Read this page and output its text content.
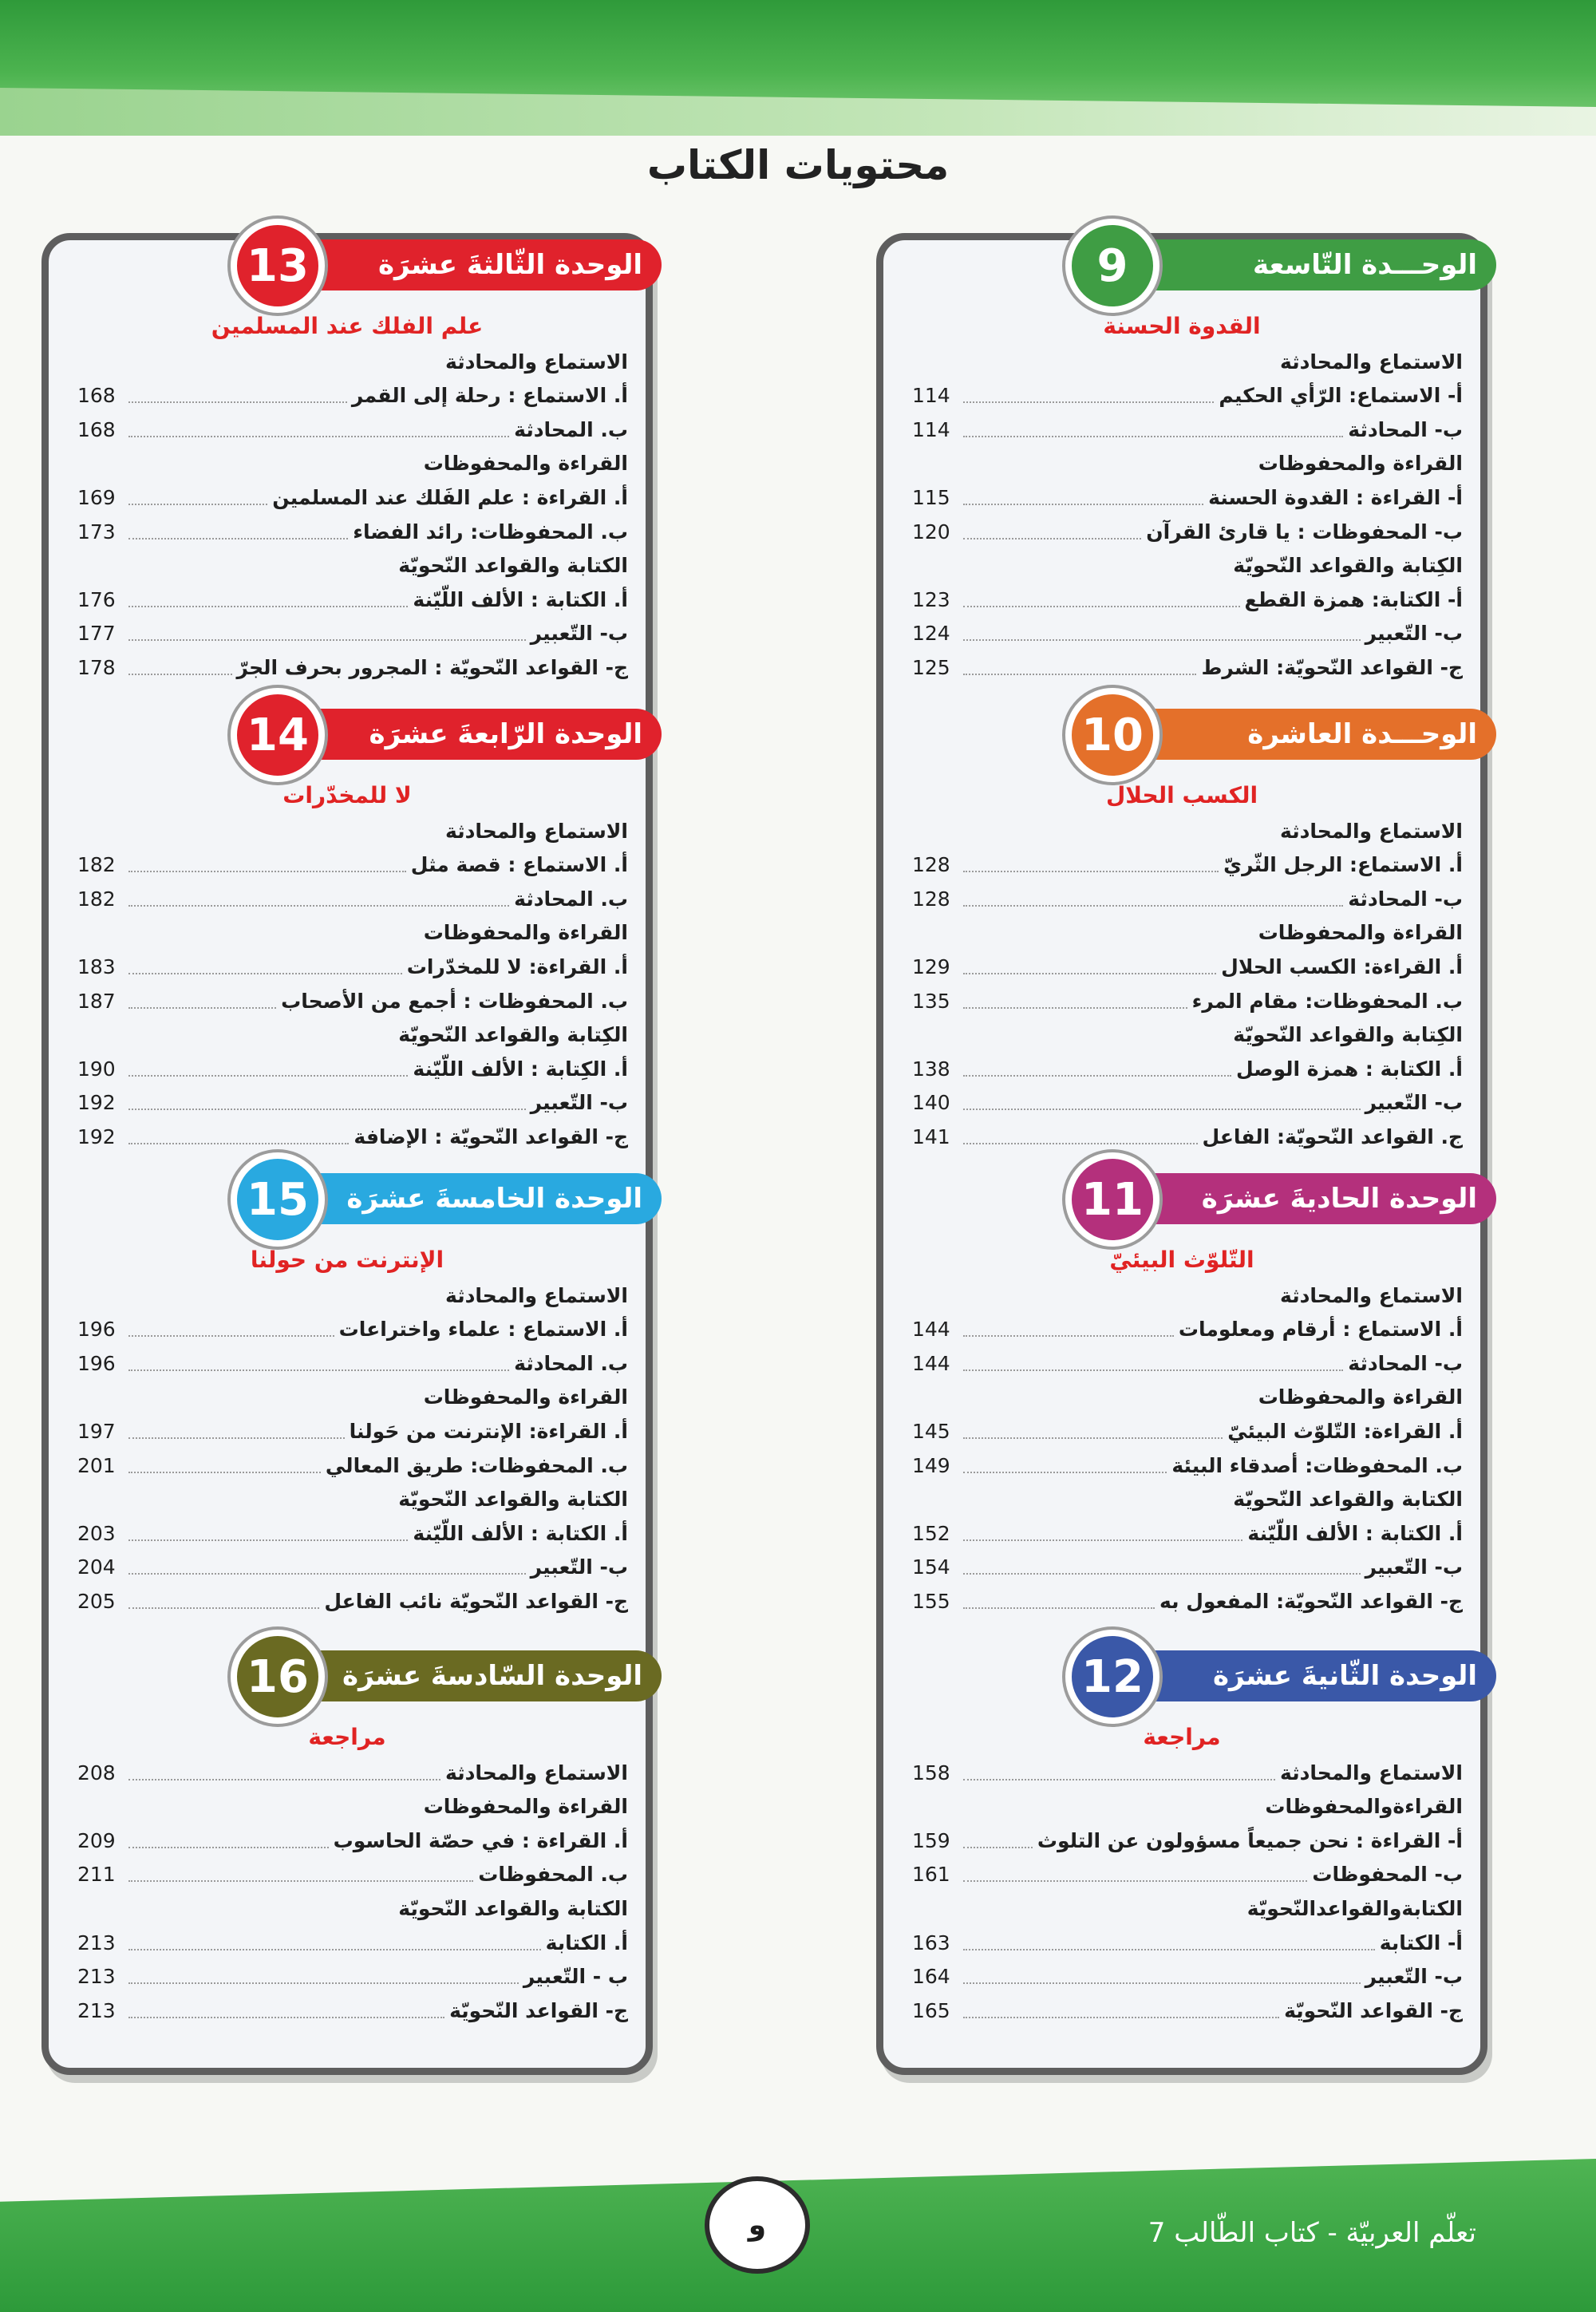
محتويات الكتاب
الوحـــدة التّاسعة
9
القدوة الحسنة
الاستماع والمحادثة
أ- الاستماع: الرّأي الحكيم
114
ب- المحادثة
114
القراءة والمحفوظات
أ- القراءة : القدوة الحسنة
115
ب- المحفوظات : يا قارئ القرآن
120
الكِتابة والقواعد النّحويّة
أ- الكتابة: همزة القطع
123
ب- التّعبير
124
ج- القواعد النّحويّة: الشرط
125
الوحـــدة العاشرة
10
الكسب الحلال
الاستماع والمحادثة
أ. الاستماع: الرجل الثّريّ
128
ب- المحادثة
128
القراءة والمحفوظات
أ. القراءة: الكسب الحلال
129
ب. المحفوظات: مقام المرء
135
الكِتابة والقواعد النّحويّة
أ. الكتابة : همزة الوصل
138
ب- التّعبير
140
ج. القواعد النّحويّة: الفاعل
141
الوحدة الحاديةَ عشرَة
11
التّلوّث البيئيّ
الاستماع والمحادثة
أ. الاستماع : أرقام ومعلومات
144
ب- المحادثة
144
القراءة والمحفوظات
أ. القراءة: التّلوّث البيئيّ
145
ب. المحفوظات: أصدقاء البيئة
149
الكتابة والقواعد النّحويّة
أ. الكتابة : الألف اللّيّنة
152
ب- التّعبير
154
ج- القواعد النّحويّة: المفعول به
155
الوحدة الثّانيةَ عشرَة
12
مراجعة
الاستماع والمحادثة
158
القراءةوالمحفوظات
أ- القراءة : نحن جميعاً مسؤولون عن التلوث
159
ب- المحفوظات
161
الكتابةوالقواعدالنّحويّة
أ- الكتابة
163
ب- التّعبير
164
ج- القواعد النّحويّة
165
الوحدة الثّالثةَ عشرَة
13
علم الفلك عند المسلمين
الاستماع والمحادثة
أ. الاستماع : رحلة إلى القمر
168
ب. المحادثة
168
القراءة والمحفوظات
أ. القراءة : علم الفَلك عند المسلمين
169
ب. المحفوظات: رائد الفضاء
173
الكتابة والقواعد النّحويّة
أ. الكتابة : الألف اللّيّنة
176
ب- التّعبير
177
ج- القواعد النّحويّة : المجرور بحرف الجرّ
178
الوحدة الرّابعةَ عشرَة
14
لا للمخدّرات
الاستماع والمحادثة
أ. الاستماع : قصة مثل
182
ب. المحادثة
182
القراءة والمحفوظات
أ. القراءة: لا للمخدّرات
183
ب. المحفوظات : أجمع من الأصحاب
187
الكِتابة والقواعد النّحويّة
أ. الكِتابة : الألف اللّيّنة
190
ب- التّعبير
192
ج- القواعد النّحويّة : الإضافة
192
الوحدة الخامسةَ عشرَة
15
الإنترنت من حولنا
الاستماع والمحادثة
أ. الاستماع : علماء واختراعات
196
ب. المحادثة
196
القراءة والمحفوظات
أ. القراءة: الإنترنت من حَولنا
197
ب. المحفوظات: طريق المعالي
201
الكتابة والقواعد النّحويّة
أ. الكتابة : الألف اللّيّنة
203
ب- التّعبير
204
ج- القواعد النّحويّة نائب الفاعل
205
الوحدة السّادسةَ عشرَة
16
مراجعة
الاستماع والمحادثة
208
القراءة والمحفوظات
أ. القراءة : في حصّة الحاسوب
209
ب. المحفوظات
211
الكتابة والقواعد النّحويّة
أ. الكتابة
213
ب - التّعبير
213
ج- القواعد النّحويّة
213
و	تعلّم العربيّة - كتاب الطّالب 7
